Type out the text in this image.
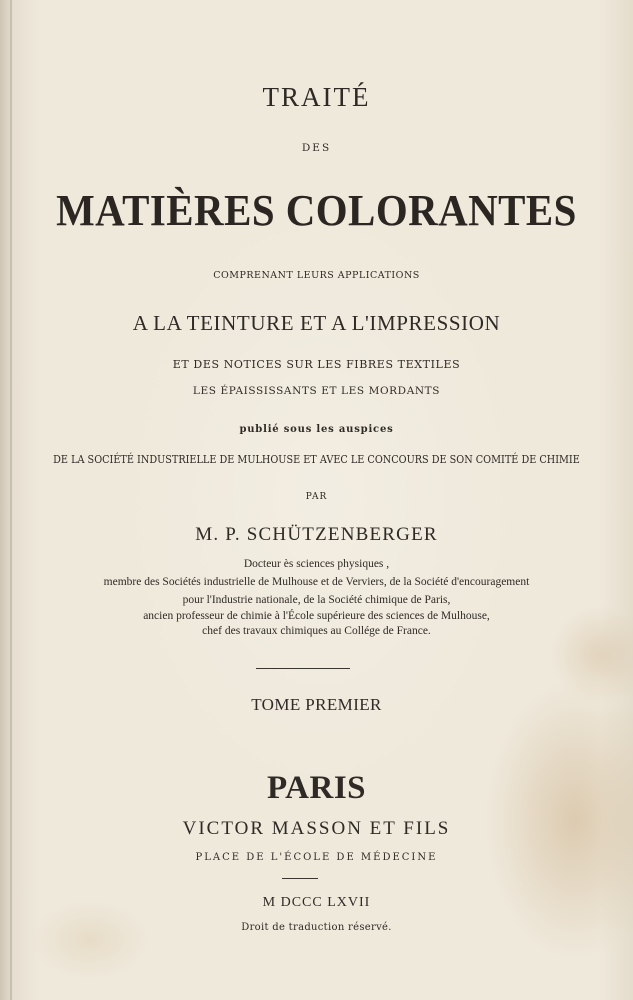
TRAITÉ
DES
MATIÈRES COLORANTES
COMPRENANT LEURS APPLICATIONS
A LA TEINTURE ET A L'IMPRESSION
ET DES NOTICES SUR LES FIBRES TEXTILES
LES ÉPAISSISSANTS ET LES MORDANTS
publié sous les auspices
DE LA SOCIÉTÉ INDUSTRIELLE DE MULHOUSE ET AVEC LE CONCOURS DE SON COMITÉ DE CHIMIE
PAR
M. P. SCHÜTZENBERGER
Docteur ès sciences physiques ,
membre des Sociétés industrielle de Mulhouse et de Verviers, de la Société d'encouragement
pour l'Industrie nationale, de la Société chimique de Paris,
ancien professeur de chimie à l'École supérieure des sciences de Mulhouse,
chef des travaux chimiques au Collége de France.
TOME PREMIER
PARIS
VICTOR MASSON ET FILS
PLACE DE L'ÉCOLE DE MÉDECINE
M DCCC LXVII
Droit de traduction réservé.
